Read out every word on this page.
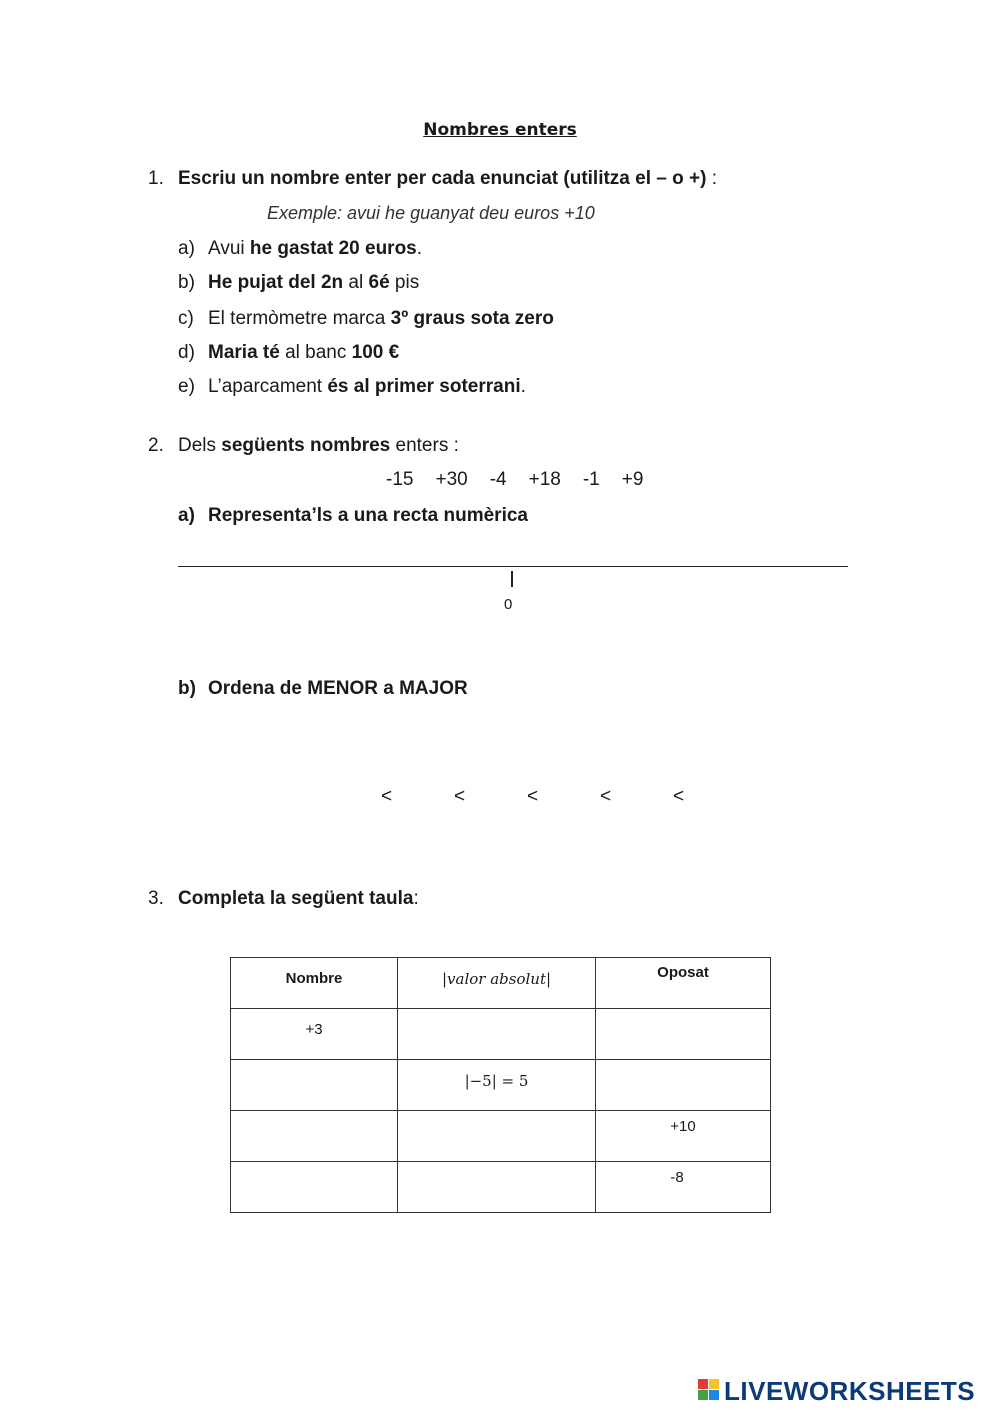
Nombres enters
1. Escriu un nombre enter per cada enunciat (utilitza el – o +) :
Exemple: avui he guanyat deu euros +10
a) Avui he gastat 20 euros.
b) He pujat del 2n al 6é pis
c) El termòmetre marca 3º graus sota zero
d) Maria té al banc 100 €
e) L’aparcament és al primer soterrani.
2. Dels següents nombres enters :
-15 +30 -4 +18 -1 +9
a) Representa’ls a una recta numèrica
0
b) Ordena de MENOR a MAJOR
<	<	<	<	<
3. Completa la següent taula:
Nombre	|valor absolut|	Oposat

+3		

	|−5| = 5	

		+10

		-8
LIVEWORKSHEETS
